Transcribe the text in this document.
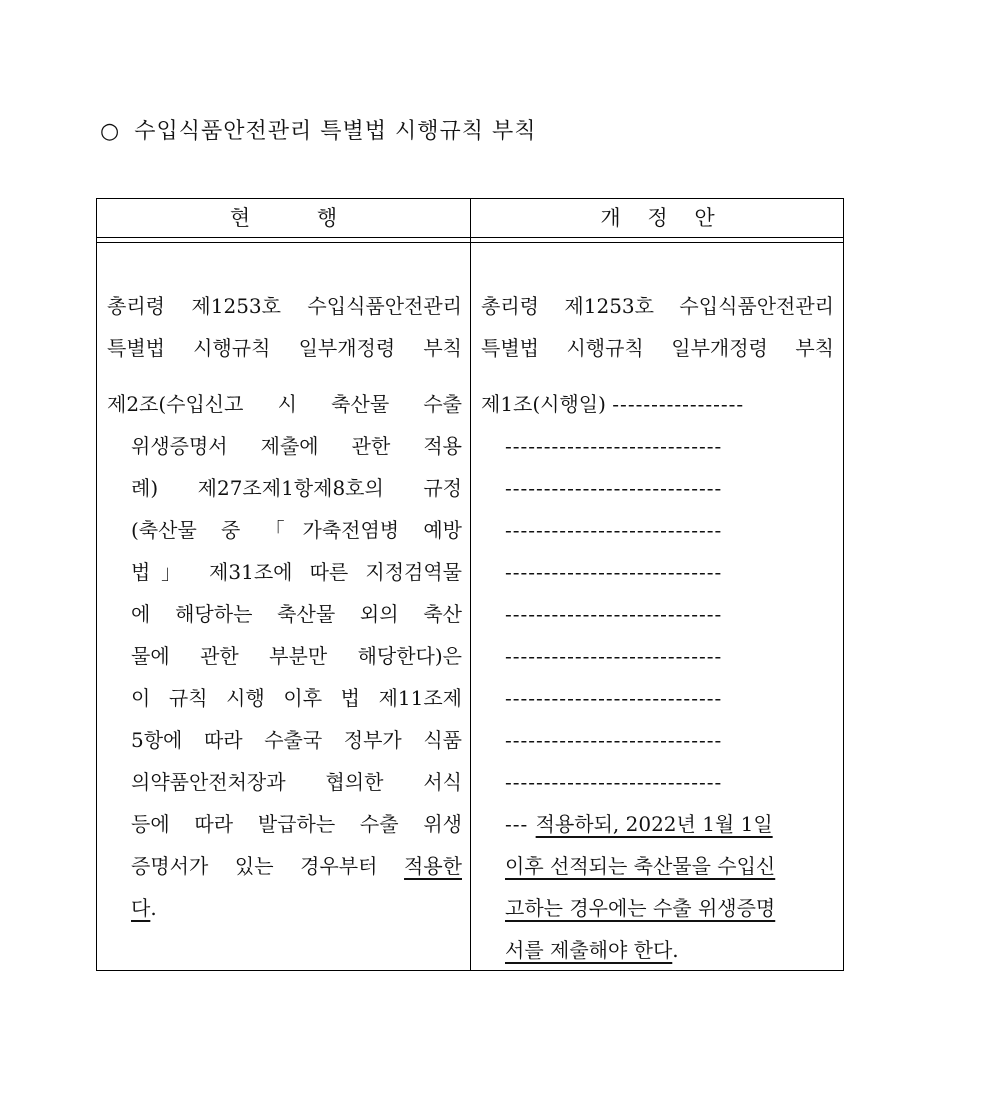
○ 수입식품안전관리 특별법 시행규칙 부칙
현          행	개    정    안
총리령 제1253호 수입식품안전관리
특별법 시행규칙 일부개정령 부칙
제2조(수입신고 시 축산물 수출
위생증명서 제출에 관한 적용
례) 제27조제1항제8호의 규정
(축산물 중 「가축전염병 예방
법」 제31조에 따른 지정검역물
에 해당하는 축산물 외의 축산
물에 관한 부분만 해당한다)은
이 규칙 시행 이후 법 제11조제
5항에 따라 수출국 정부가 식품
의약품안전처장과 협의한 서식
등에 따라 발급하는 수출 위생
증명서가 있는 경우부터 적용한
다.
총리령 제1253호 수입식품안전관리
특별법 시행규칙 일부개정령 부칙
제1조(시행일) -----------------
----------------------------
----------------------------
----------------------------
----------------------------
----------------------------
----------------------------
----------------------------
----------------------------
----------------------------
--- 적용하되, 2022년 1월 1일
이후 선적되는 축산물을 수입신
고하는 경우에는 수출 위생증명
서를 제출해야 한다.
